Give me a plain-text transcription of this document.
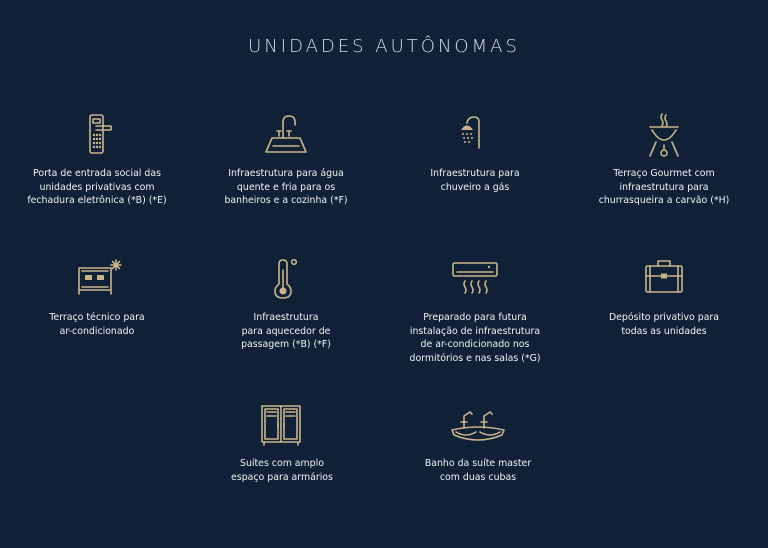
UNIDADES AUTÔNOMAS
Porta de entrada social das
unidades privativas com
fechadura eletrônica (*B) (*E)
Infraestrutura para água
quente e fria para os
banheiros e a cozinha (*F)
Infraestrutura para
chuveiro a gás
Terraço Gourmet com
infraestrutura para
churrasqueira a carvão (*H)
Terraço técnico para
ar-condicionado
Infraestrutura
para aquecedor de
passagem (*B) (*F)
Preparado para futura
instalação de infraestrutura
de ar-condicionado nos
dormitórios e nas salas (*G)
Depósito privativo para
todas as unidades
Suítes com amplo
espaço para armários
Banho da suíte master
com duas cubas
